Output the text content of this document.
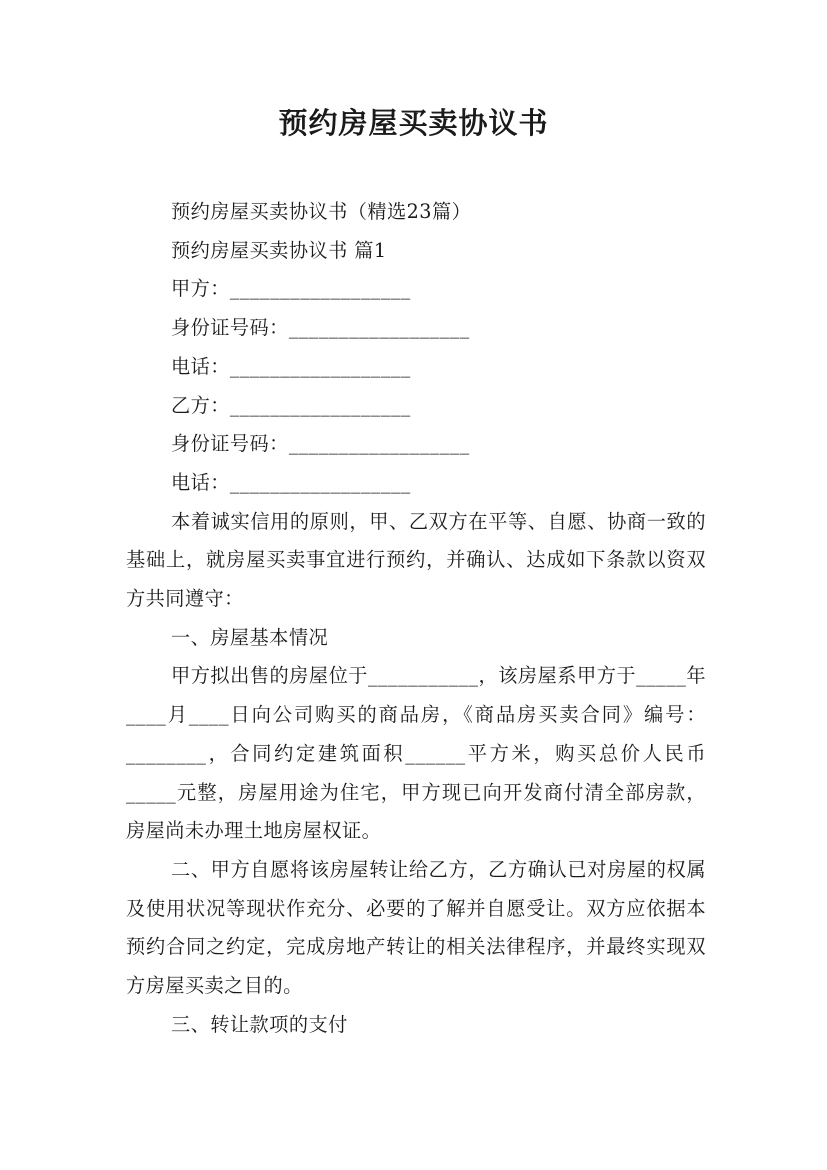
预约房屋买卖协议书

预约房屋买卖协议书（精选23篇）

预约房屋买卖协议书 篇1

甲方：__________________

身份证号码：__________________

电话：__________________

乙方：__________________

身份证号码：__________________

电话：__________________

本着诚实信用的原则，甲、乙双方在平等、自愿、协商一致的基础上，就房屋买卖事宜进行预约，并确认、达成如下条款以资双方共同遵守：

一、房屋基本情况

甲方拟出售的房屋位于___________，该房屋系甲方于_____年____月____日向公司购买的商品房，《商品房买卖合同》编号：________，合同约定建筑面积______平方米，购买总价人民币_____元整，房屋用途为住宅，甲方现已向开发商付清全部房款，房屋尚未办理土地房屋权证。

二、甲方自愿将该房屋转让给乙方，乙方确认已对房屋的权属及使用状况等现状作充分、必要的了解并自愿受让。双方应依据本预约合同之约定，完成房地产转让的相关法律程序，并最终实现双方房屋买卖之目的。

三、转让款项的支付
